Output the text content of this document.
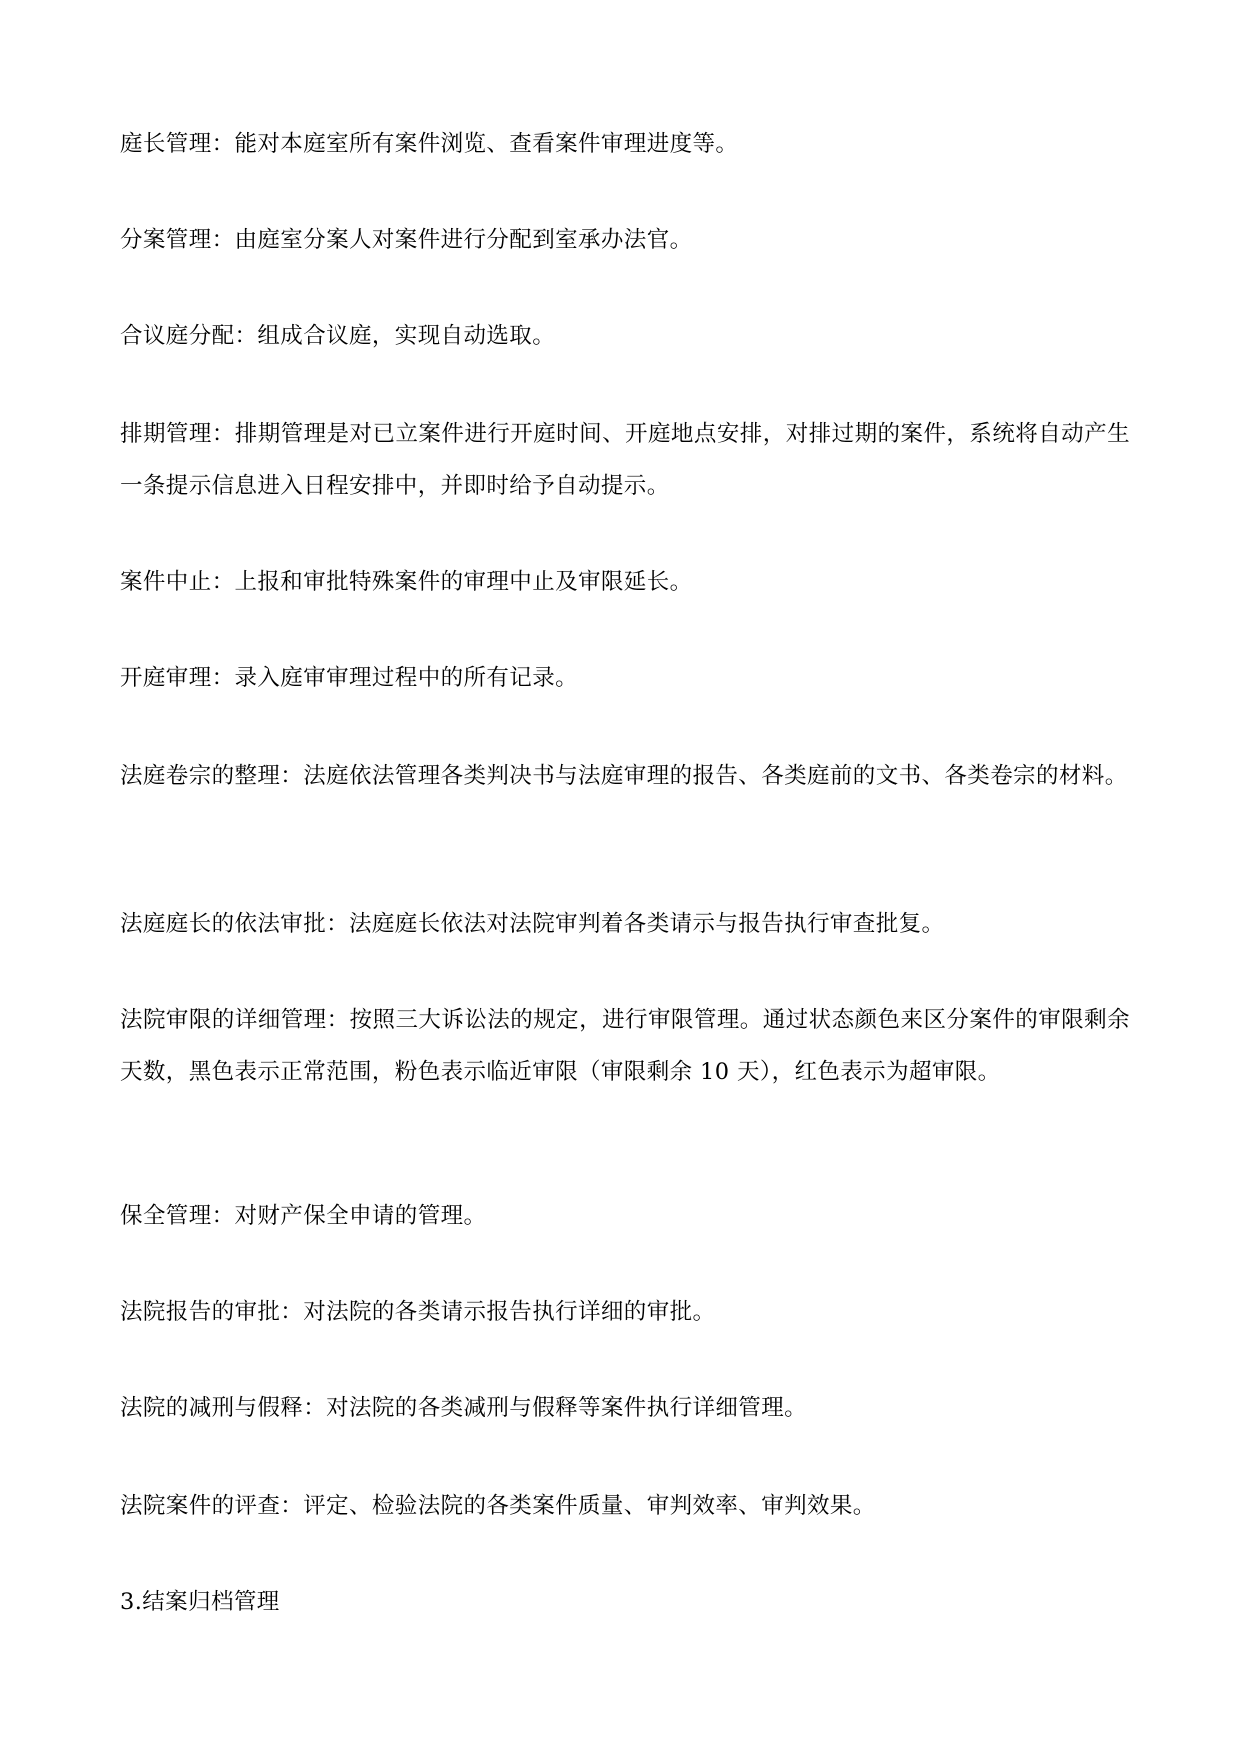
庭长管理：能对本庭室所有案件浏览、查看案件审理进度等。

分案管理：由庭室分案人对案件进行分配到室承办法官。

合议庭分配：组成合议庭，实现自动选取。

排期管理：排期管理是对已立案件进行开庭时间、开庭地点安排，对排过期的案件，系统将自动产生一条提示信息进入日程安排中，并即时给予自动提示。

案件中止：上报和审批特殊案件的审理中止及审限延长。

开庭审理：录入庭审审理过程中的所有记录。

法庭卷宗的整理：法庭依法管理各类判决书与法庭审理的报告、各类庭前的文书、各类卷宗的材料。

法庭庭长的依法审批：法庭庭长依法对法院审判着各类请示与报告执行审查批复。

法院审限的详细管理：按照三大诉讼法的规定，进行审限管理。通过状态颜色来区分案件的审限剩余天数，黑色表示正常范围，粉色表示临近审限（审限剩余 10 天），红色表示为超审限。

保全管理：对财产保全申请的管理。

法院报告的审批：对法院的各类请示报告执行详细的审批。

法院的减刑与假释：对法院的各类减刑与假释等案件执行详细管理。

法院案件的评查：评定、检验法院的各类案件质量、审判效率、审判效果。

3.结案归档管理
